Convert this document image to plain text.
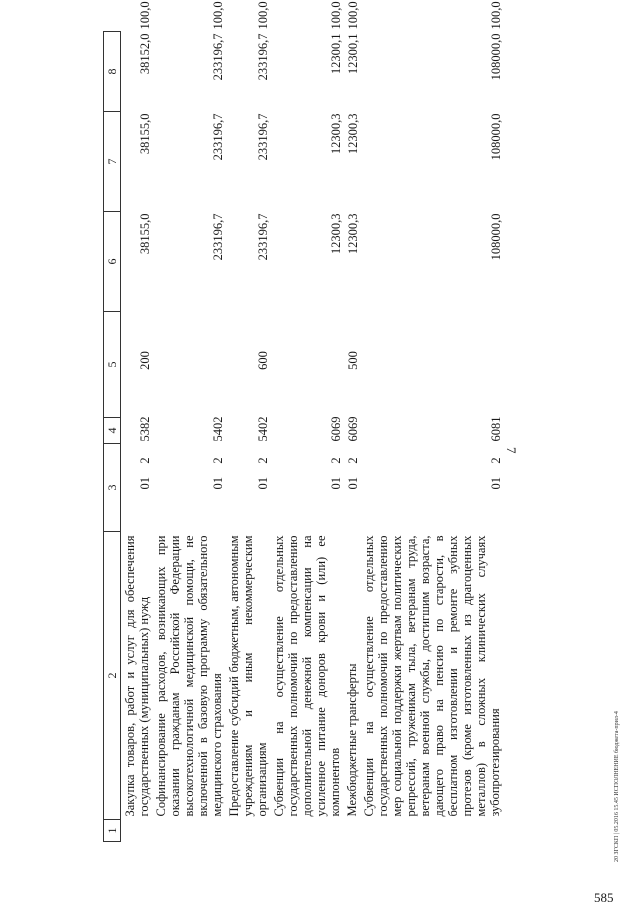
7
585
20 ЗГСКП | 05.2016 15.45 ИСПОЛНЕНИЕ бюджета-прил-4
1	2	3			4	5	6	7	8	
	Закупка товаров, работ и услуг для обеспечения государственных (муниципальных) нужд		01	2	5382	200	38155,0	38155,0	38152,0	100,0
	Софинансирование расходов, возникающих при оказании гражданам Российской Федерации высокотехнологичной медицинской помощи, не включенной в базовую программу обязательного медицинского страхования		01	2	5402		233196,7	233196,7	233196,7	100,0
	Предоставление субсидий бюджетным, автономным учреждениям и иным некоммерческим организациям		01	2	5402	600	233196,7	233196,7	233196,7	100,0
	Субвенции на осуществление отдельных государственных полномочий по предоставлению дополнительной денежной компенсации на усиленное питание доноров крови и (или) ее компонентов		01	2	6069		12300,3	12300,3	12300,1	100,0
	Межбюджетные трансферты		01	2	6069	500	12300,3	12300,3	12300,1	100,0
	Субвенции на осуществление отдельных государственных полномочий по предоставлению мер социальной поддержки жертвам политических репрессий, труженикам тыла, ветеранам труда, ветеранам военной службы, достигшим возраста, дающего право на пенсию по старости, в бесплатном изготовлении и ремонте зубных протезов (кроме изготовленных из драгоценных металлов) в сложных клинических случаях зубопротезирования		01	2	6081		108000,0	108000,0	108000,0	100,0
